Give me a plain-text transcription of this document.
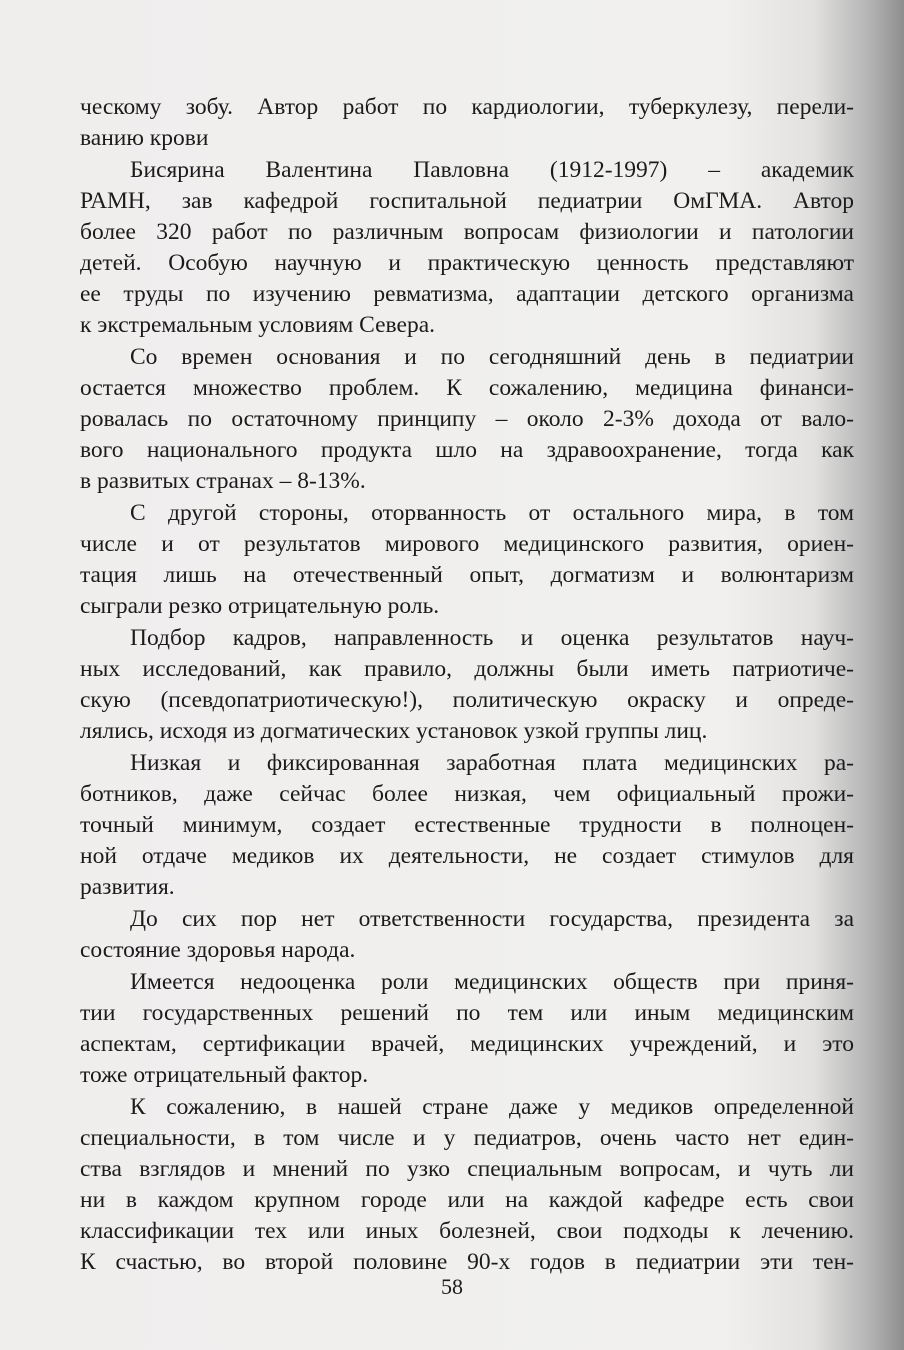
ческому зобу. Автор работ по кардиологии, туберкулезу, перели-
ванию крови
Бисярина Валентина Павловна (1912-1997) – академик
РАМН, зав кафедрой госпитальной педиатрии ОмГМА. Автор
более 320 работ по различным вопросам физиологии и патологии
детей. Особую научную и практическую ценность представляют
ее труды по изучению ревматизма, адаптации детского организма
к экстремальным условиям Севера.
Со времен основания и по сегодняшний день в педиатрии
остается множество проблем. К сожалению, медицина финанси-
ровалась по остаточному принципу – около 2-3% дохода от вало-
вого национального продукта шло на здравоохранение, тогда как
в развитых странах – 8-13%.
С другой стороны, оторванность от остального мира, в том
числе и от результатов мирового медицинского развития, ориен-
тация лишь на отечественный опыт, догматизм и волюнтаризм
сыграли резко отрицательную роль.
Подбор кадров, направленность и оценка результатов науч-
ных исследований, как правило, должны были иметь патриотиче-
скую (псевдопатриотическую!), политическую окраску и опреде-
лялись, исходя из догматических установок узкой группы лиц.
Низкая и фиксированная заработная плата медицинских ра-
ботников, даже сейчас более низкая, чем официальный прожи-
точный минимум, создает естественные трудности в полноцен-
ной отдаче медиков их деятельности, не создает стимулов для
развития.
До сих пор нет ответственности государства, президента за
состояние здоровья народа.
Имеется недооценка роли медицинских обществ при приня-
тии государственных решений по тем или иным медицинским
аспектам, сертификации врачей, медицинских учреждений, и это
тоже отрицательный фактор.
К сожалению, в нашей стране даже у медиков определенной
специальности, в том числе и у педиатров, очень часто нет един-
ства взглядов и мнений по узко специальным вопросам, и чуть ли
ни в каждом крупном городе или на каждой кафедре есть свои
классификации тех или иных болезней, свои подходы к лечению.
К счастью, во второй половине 90-х годов в педиатрии эти тен-
58
